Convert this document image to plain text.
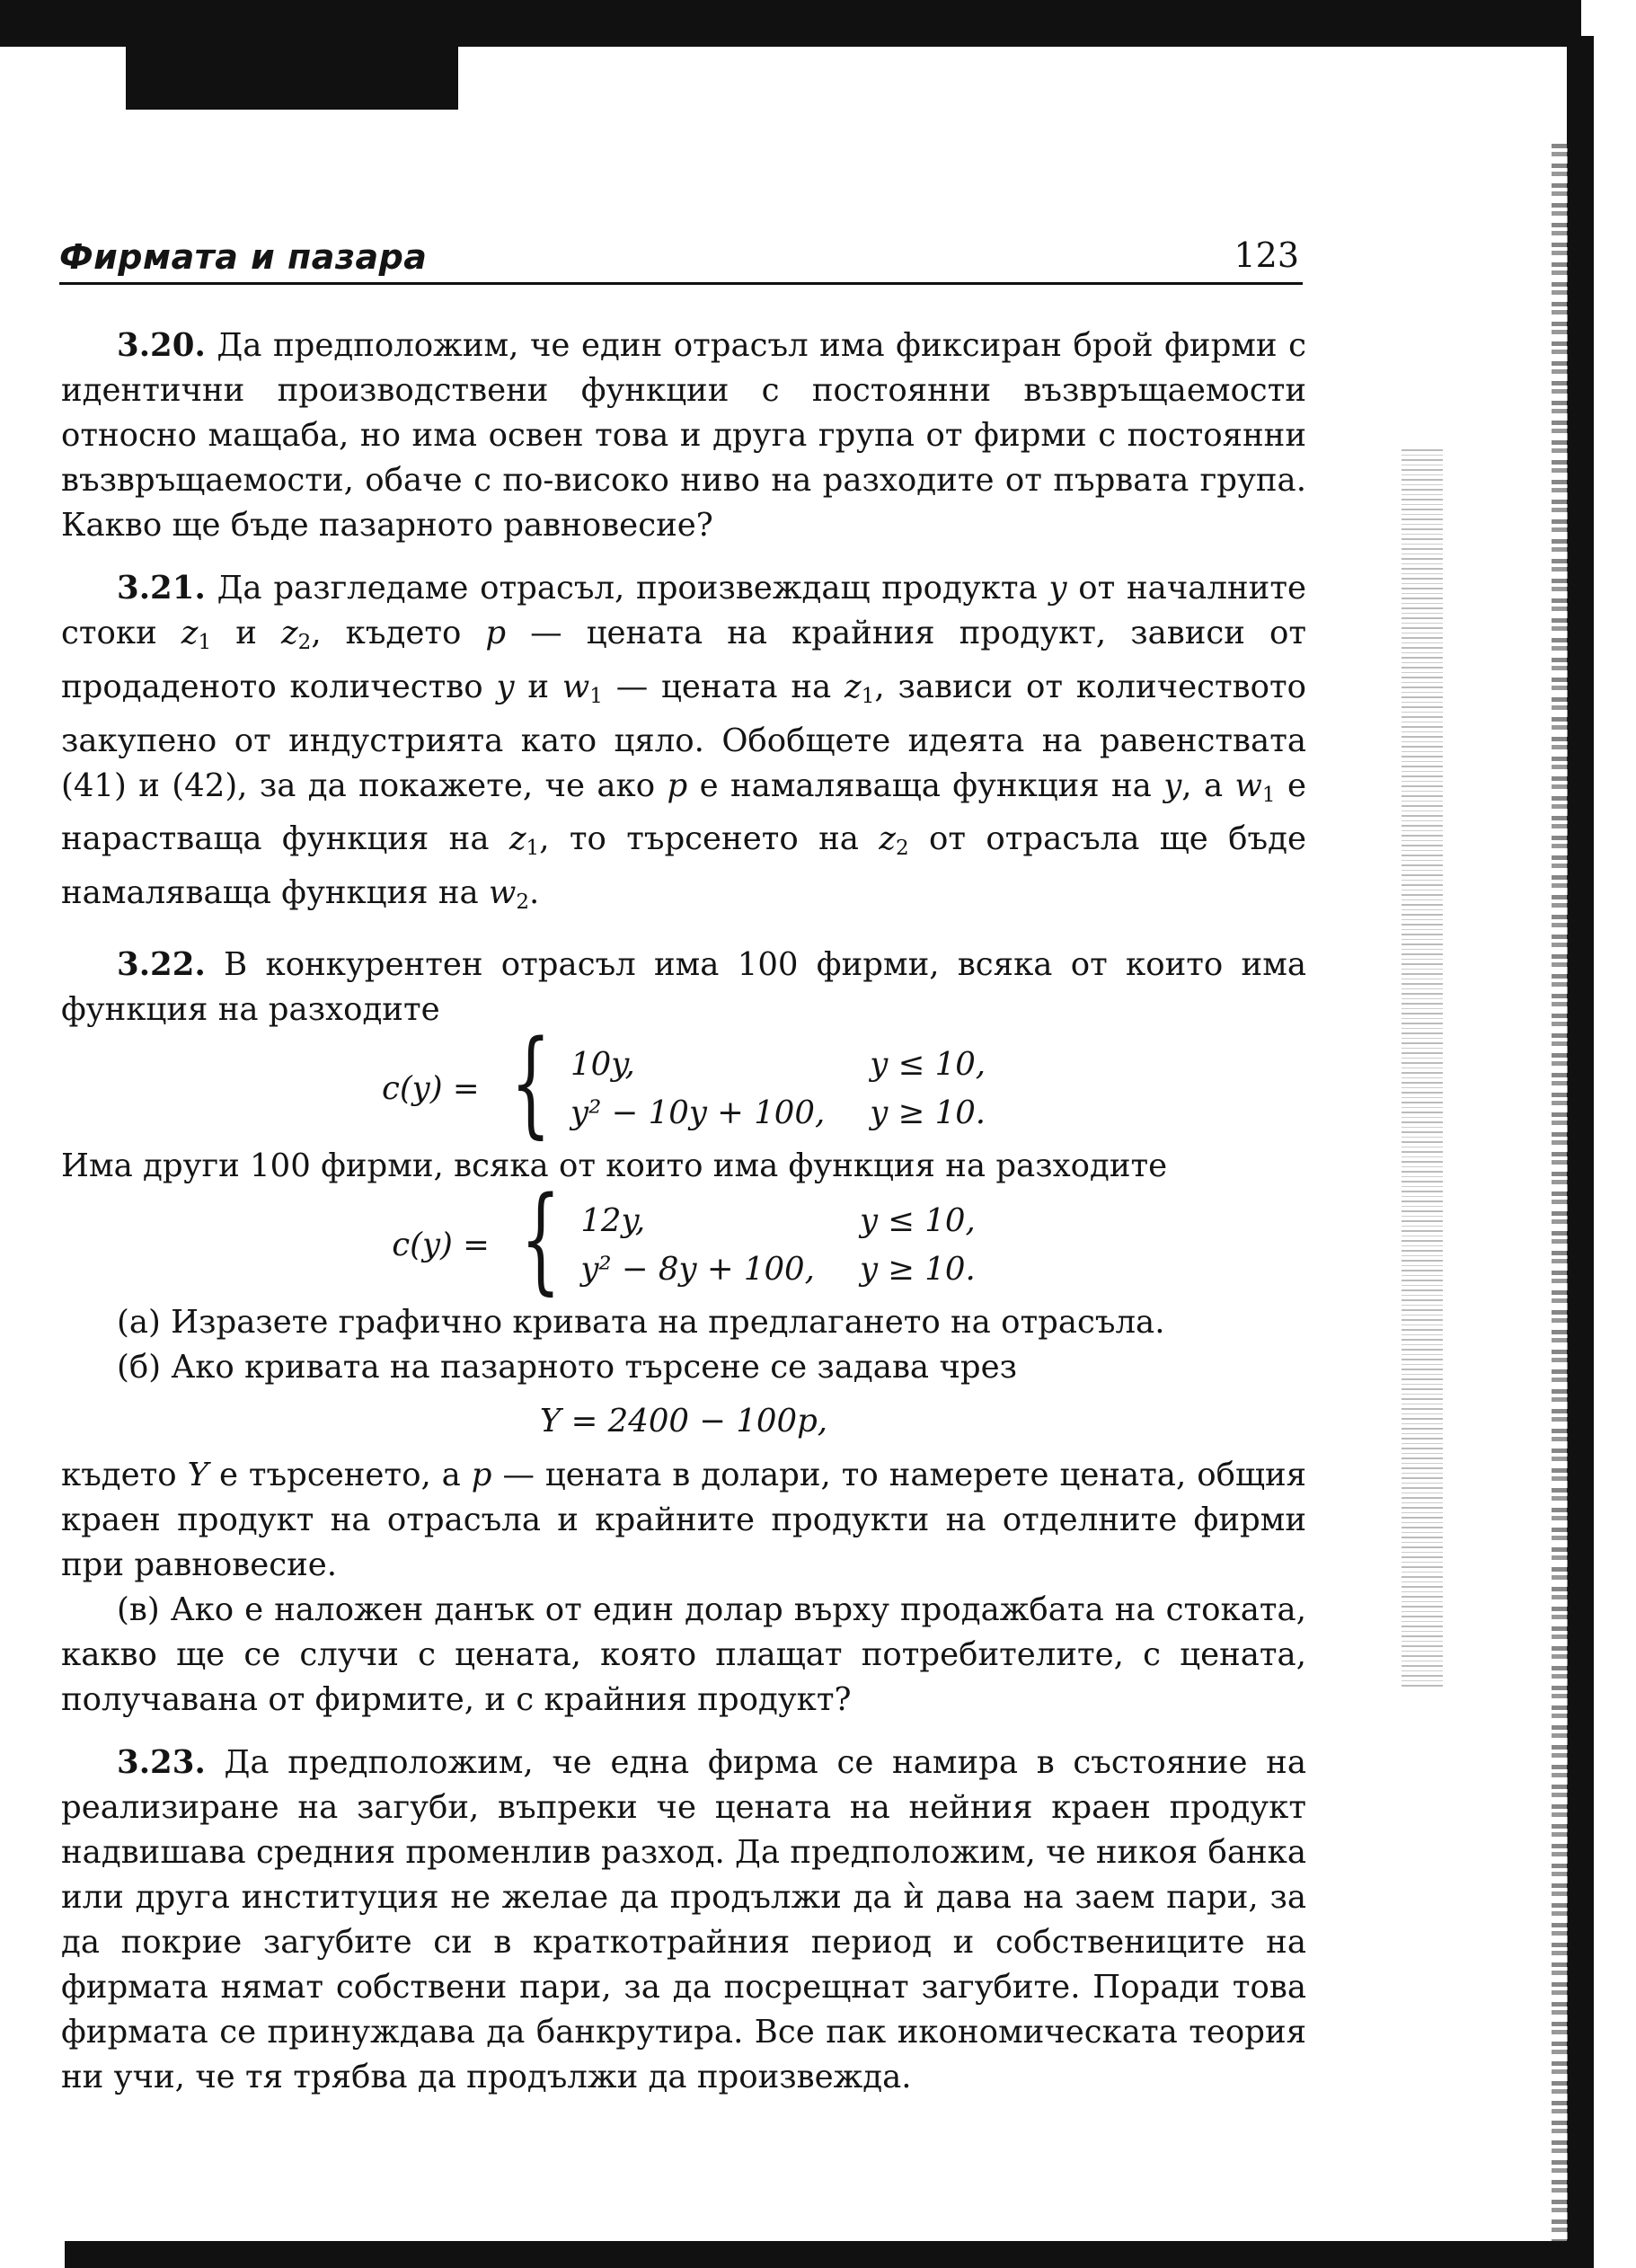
Фирмата и пазара	123

3.20. Да предположим, че един отрасъл има фиксиран брой фирми с идентични производствени функции с постоянни възвръщаемости относно мащаба, но има освен това и друга група от фирми с постоянни възвръщаемости, обаче с по-високо ниво на разходите от първата група. Какво ще бъде пазарното равновесие?

3.21. Да разгледаме отрасъл, произвеждащ продукта y от началните стоки $z_1$ и $z_2$, където p — цената на крайния продукт, зависи от продаденото количество y и $w_1$ — цената на $z_1$, зависи от количеството закупено от индустрията като цяло. Обобщете идеята на равенствата (41) и (42), за да покажете, че ако p е намаляваща функция на y, а $w_1$ е нарастваща функция на $z_1$, то търсенето на $z_2$ от отрасъла ще бъде намаляваща функция на $w_2$.

3.22. В конкурентен отрасъл има 100 фирми, всяка от които има функция на разходите

c(y) = { 10y,	y ≤ 10,
y² − 10y + 100,	y ≥ 10.

Има други 100 фирми, всяка от които има функция на разходите

c(y) = { 12y,	y ≤ 10,
y² − 8y + 100,	y ≥ 10.

(а) Изразете графично кривата на предлагането на отрасъла.

(б) Ако кривата на пазарното търсене се задава чрез

Y = 2400 − 100p,

където Y е търсенето, а p — цената в долари, то намерете цената, общия краен продукт на отрасъла и крайните продукти на отделните фирми при равновесие.

(в) Ако е наложен данък от един долар върху продажбата на стоката, какво ще се случи с цената, която плащат потребителите, с цената, получавана от фирмите, и с крайния продукт?

3.23. Да предположим, че една фирма се намира в състояние на реализиране на загуби, въпреки че цената на нейния краен продукт надвишава средния променлив разход. Да предположим, че никоя банка или друга институция не желае да продължи да ѝ дава на заем пари, за да покрие загубите си в краткотрайния период и собствениците на фирмата нямат собствени пари, за да посрещнат загубите. Поради това фирмата се принуждава да банкрутира. Все пак икономическата теория ни учи, че тя трябва да продължи да произвежда.
